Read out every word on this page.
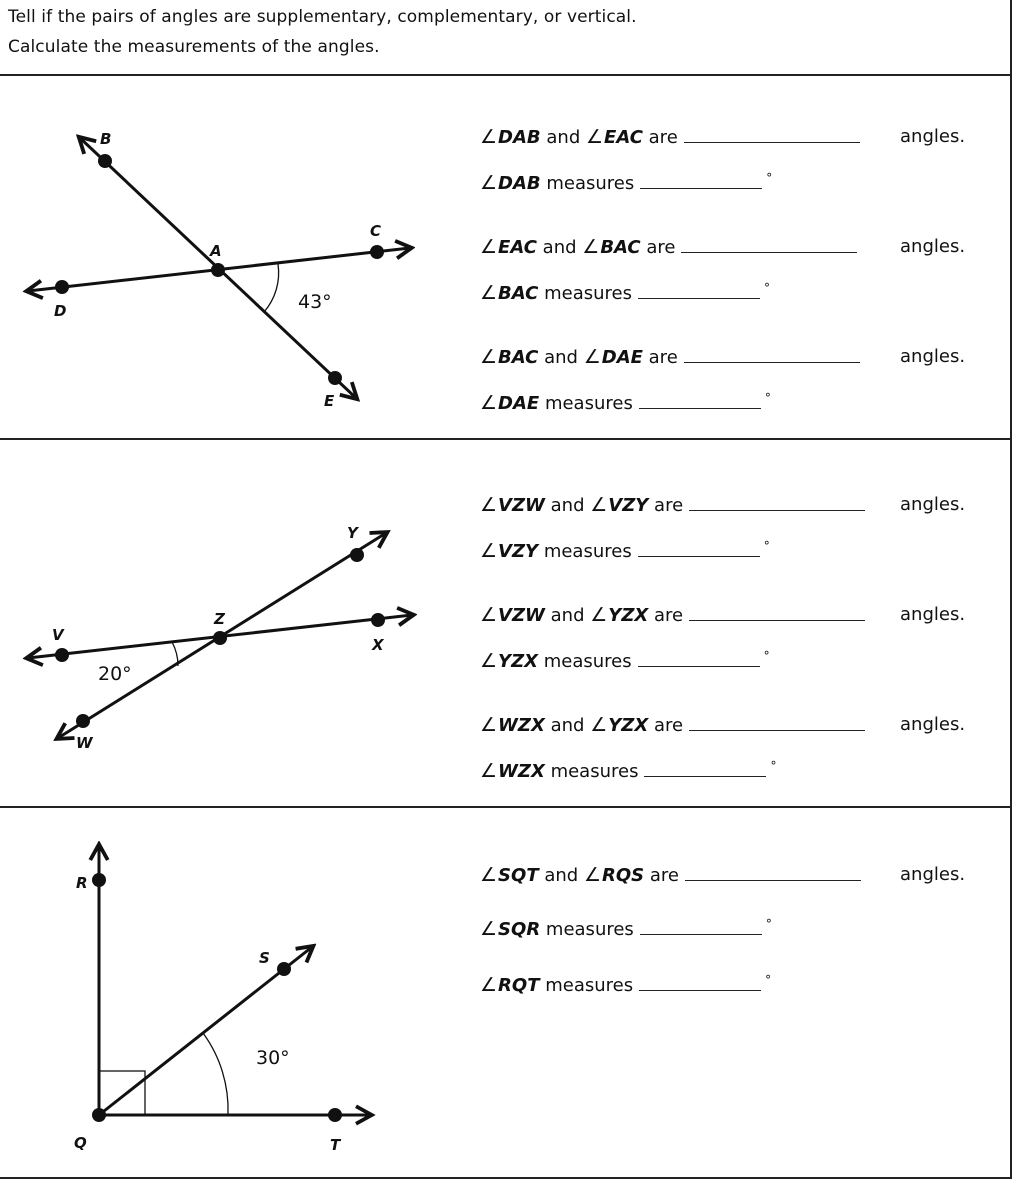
Tell if the pairs of angles are supplementary, complementary, or vertical.
Calculate the measurements of the angles.
B
A
C
D
E
43°
∠DAB and ∠EAC are	angles.
∠DAB measures	°
∠EAC and ∠BAC are	angles.
∠BAC measures	°
∠BAC and ∠DAE are	angles.
∠DAE measures	°
Y
Z
V
X
W
20°
∠VZW and ∠VZY are	angles.
∠VZY measures	°
∠VZW and ∠YZX are	angles.
∠YZX measures	°
∠WZX and ∠YZX are	angles.
∠WZX measures	°
R
S
Q	T
30°
∠SQT and ∠RQS are	angles.
∠SQR measures	°
∠RQT measures	°
